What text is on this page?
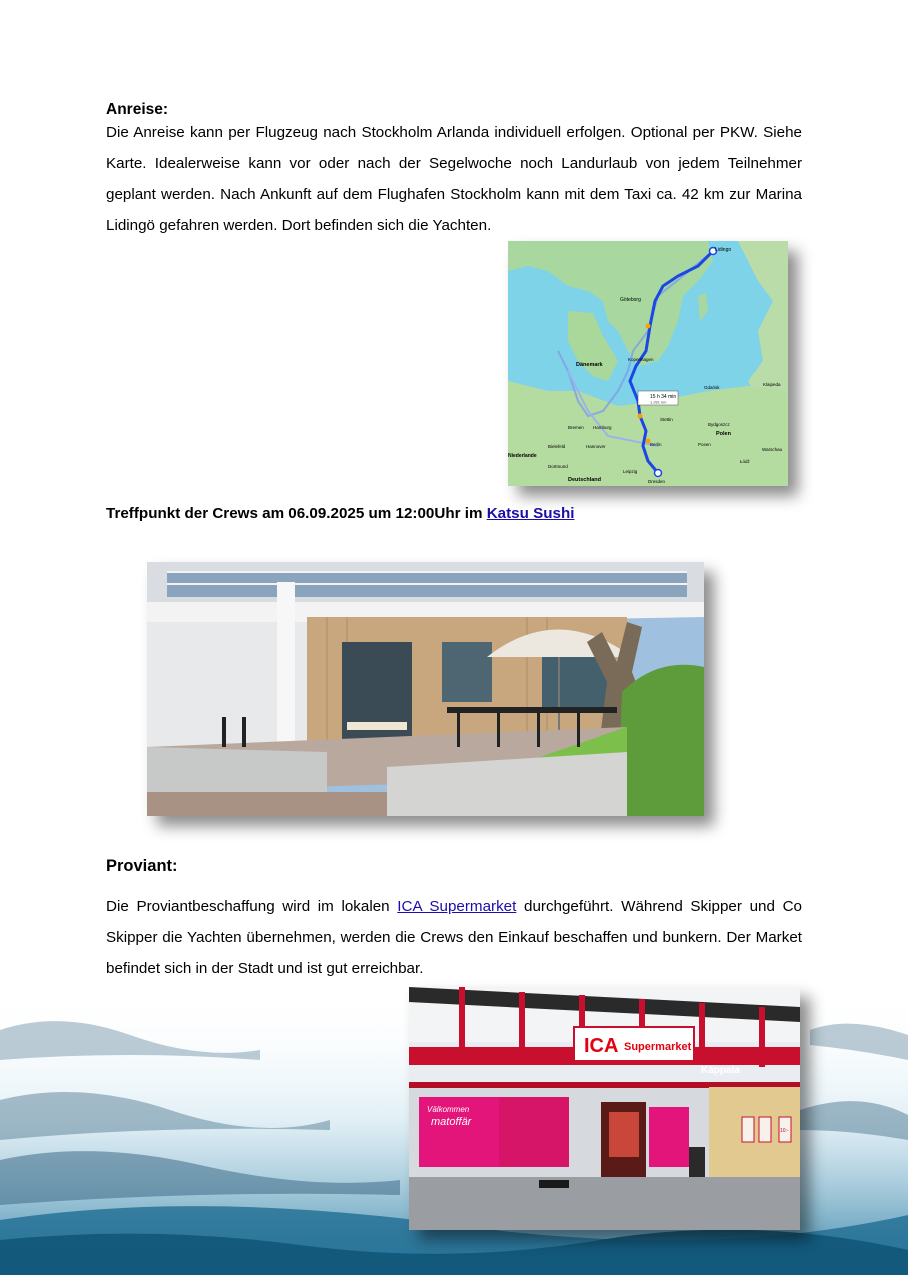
Anreise:
Die Anreise kann per Flugzeug nach Stockholm Arlanda individuell erfolgen. Optional per PKW. Siehe Karte. Idealerweise kann vor oder nach der Segelwoche noch Landurlaub von jedem Teilnehmer geplant werden. Nach Ankunft auf dem Flughafen Stockholm kann mit dem Taxi ca. 42 km zur Marina Lidingö gefahren werden. Dort befinden sich die Yachten.
15 h 34 min
1.281 km
Lidingo
Göteborg
Dänemark
Kopenhagen
Hamburg
Bremen
Hannover
Bielefeld	Berlin
Stettin
Polen
Deutschland
Niederlande
Dortmund
Leipzig
Dresden
Gdańsk
Bydgoszcz
Warschau
Łódź
Posen
Klaipeda
Treffpunkt der Crews am 06.09.2025 um 12:00Uhr im Katsu Sushi
Proviant:
Die Proviantbeschaffung wird im lokalen ICA Supermarket durchgeführt. Während Skipper und Co Skipper die Yachten übernehmen, werden die Crews den Einkauf beschaffen und bunkern. Der Market befindet sich in der Stadt und ist gut erreichbar.
ICA Supermarket
Käppala
Välkommen
matoffär
10:-
